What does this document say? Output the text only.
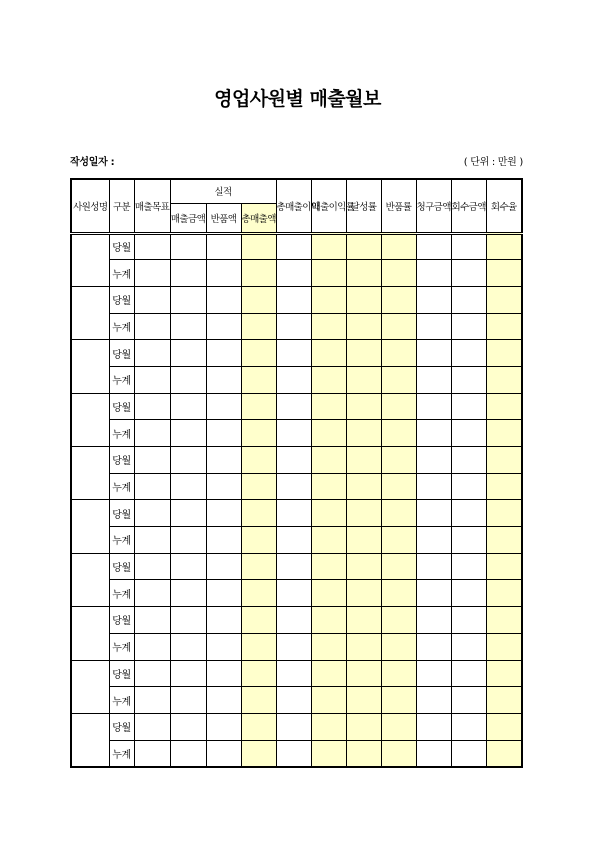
영업사원별 매출월보
작성일자 :	( 단위 : 만원 )
사원성명	구분	매출목표	실적			총매출이익	매출이익률	달성률	반품률	청구금액	회수금액	회수율
			매출금액	반품액	총매출액							
	당월											
	누계											
	당월											
	누계											
	당월											
	누계											
	당월											
	누계											
	당월											
	누계											
	당월											
	누계											
	당월											
	누계											
	당월											
	누계											
	당월											
	누계											
	당월											
	누계											
